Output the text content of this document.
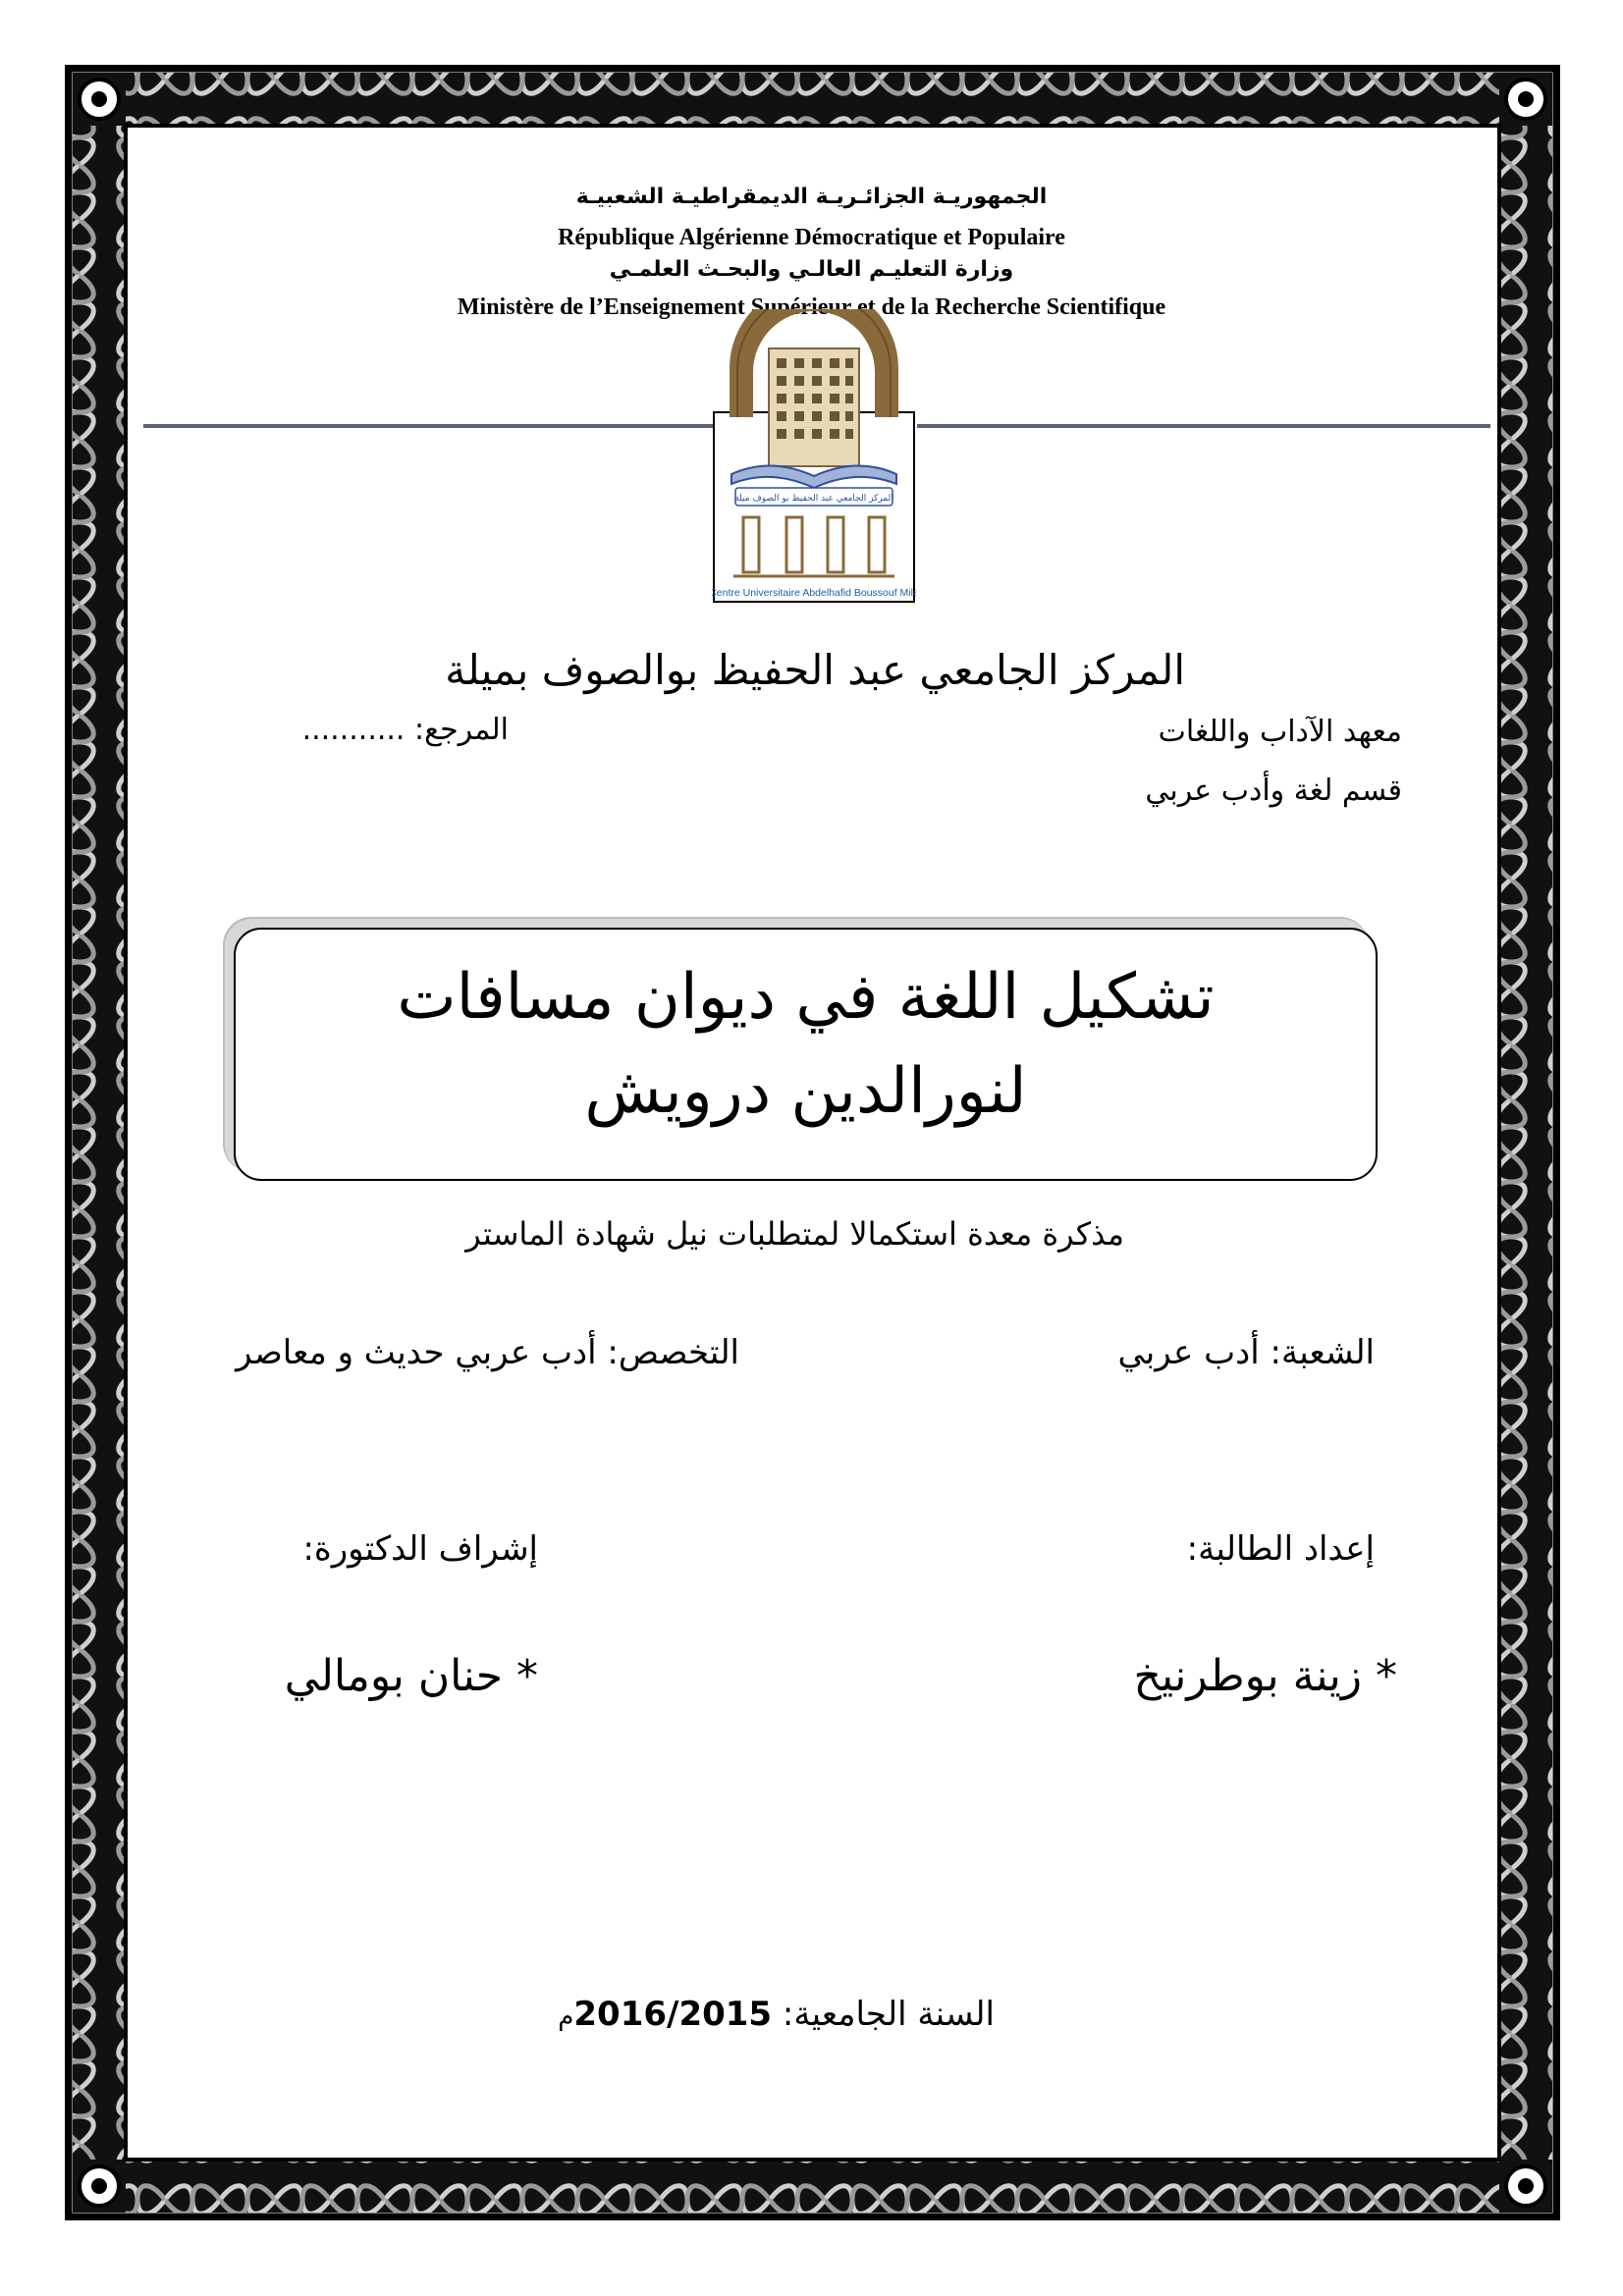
الجمهوريـة الجزائـريـة الديمقراطيـة الشعبيـة
République Algérienne Démocratique et Populaire
وزارة التعليـم العالـي والبحـث العلمـي
Ministère de l’Enseignement Supérieur et de la Recherche Scientifique
المركز الجامعي عبد الحفيظ بو الصوف ميلة
Centre Universitaire Abdelhafid Boussouf Mila
المركز الجامعي عبد الحفيظ بوالصوف بميلة
معهد الآداب واللغات
المرجع: ...........
قسم لغة وأدب عربي
تشكيل اللغة في ديوان مسافات
لنورالدين درويش
مذكرة معدة استكمالا لمتطلبات نيل شهادة الماستر
الشعبة: أدب عربي
التخصص: أدب عربي حديث و معاصر
إعداد الطالبة:
إشراف الدكتورة:
* زينة بوطرنيخ
* حنان بومالي
السنة الجامعية: 2016/2015م
